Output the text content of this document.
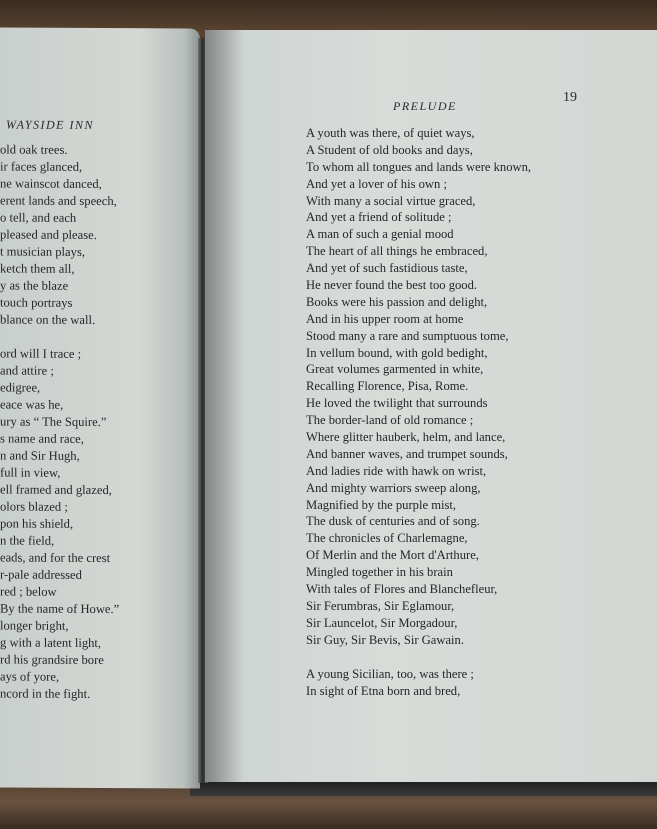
WAYSIDE INN
old oak trees.
ir faces glanced,
ne wainscot danced,
erent lands and speech,
o tell, and each
pleased and please.
t musician plays,
ketch them all,
y as the blaze
touch portrays
blance on the wall.
ord will I trace ;
and attire ;
edigree,
eace was he,
ury as “ The Squire.”
s name and race,
n and Sir Hugh,
full in view,
ell framed and glazed,
olors blazed ;
pon his shield,
n the field,
eads, and for the crest
r-pale addressed
red ; below
By the name of Howe.”
longer bright,
g with a latent light,
rd his grandsire bore
ays of yore,
ncord in the fight.
PRELUDE
19
A youth was there, of quiet ways,
A Student of old books and days,
To whom all tongues and lands were known,
And yet a lover of his own ;
With many a social virtue graced,
And yet a friend of solitude ;
A man of such a genial mood
The heart of all things he embraced,
And yet of such fastidious taste,
He never found the best too good.
Books were his passion and delight,
And in his upper room at home
Stood many a rare and sumptuous tome,
In vellum bound, with gold bedight,
Great volumes garmented in white,
Recalling Florence, Pisa, Rome.
He loved the twilight that surrounds
The border-land of old romance ;
Where glitter hauberk, helm, and lance,
And banner waves, and trumpet sounds,
And ladies ride with hawk on wrist,
And mighty warriors sweep along,
Magnified by the purple mist,
The dusk of centuries and of song.
The chronicles of Charlemagne,
Of Merlin and the Mort d'Arthure,
Mingled together in his brain
With tales of Flores and Blanchefleur,
Sir Ferumbras, Sir Eglamour,
Sir Launcelot, Sir Morgadour,
Sir Guy, Sir Bevis, Sir Gawain.
A young Sicilian, too, was there ;
In sight of Etna born and bred,
